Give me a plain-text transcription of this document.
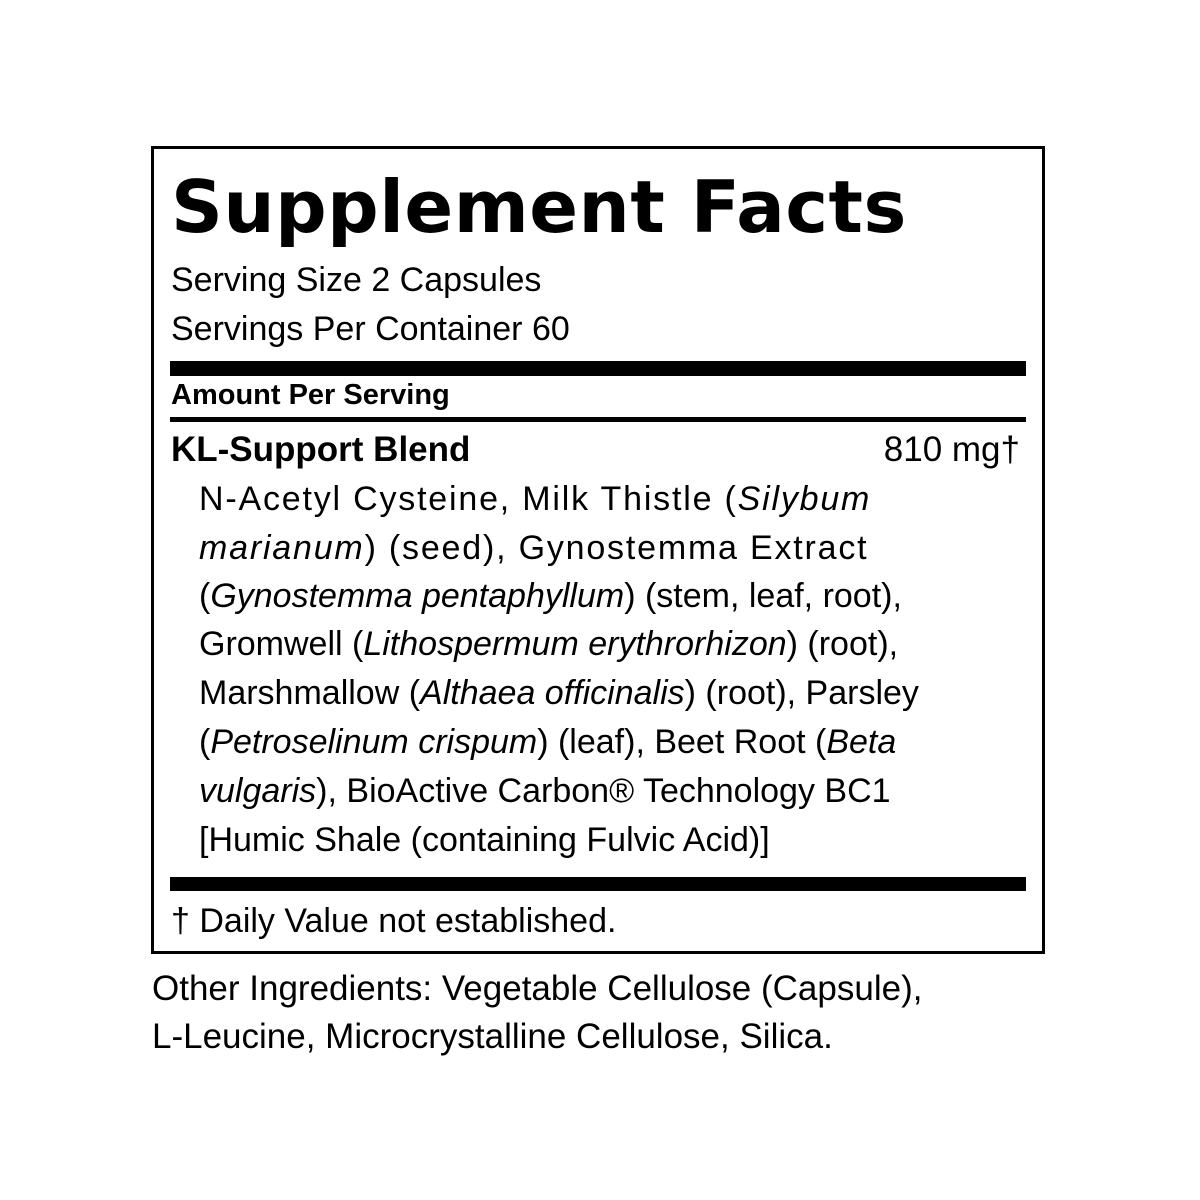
Supplement Facts
Serving Size 2 Capsules
Servings Per Container 60
Amount Per Serving
KL-Support Blend	810 mg†
N-Acetyl Cysteine, Milk Thistle (Silybum
marianum) (seed), Gynostemma Extract
(Gynostemma pentaphyllum) (stem, leaf, root),
Gromwell (Lithospermum erythrorhizon) (root),
Marshmallow (Althaea officinalis) (root), Parsley
(Petroselinum crispum) (leaf), Beet Root (Beta
vulgaris), BioActive Carbon® Technology BC1
[Humic Shale (containing Fulvic Acid)]
† Daily Value not established.
Other Ingredients: Vegetable Cellulose (Capsule),
L-Leucine, Microcrystalline Cellulose, Silica.
